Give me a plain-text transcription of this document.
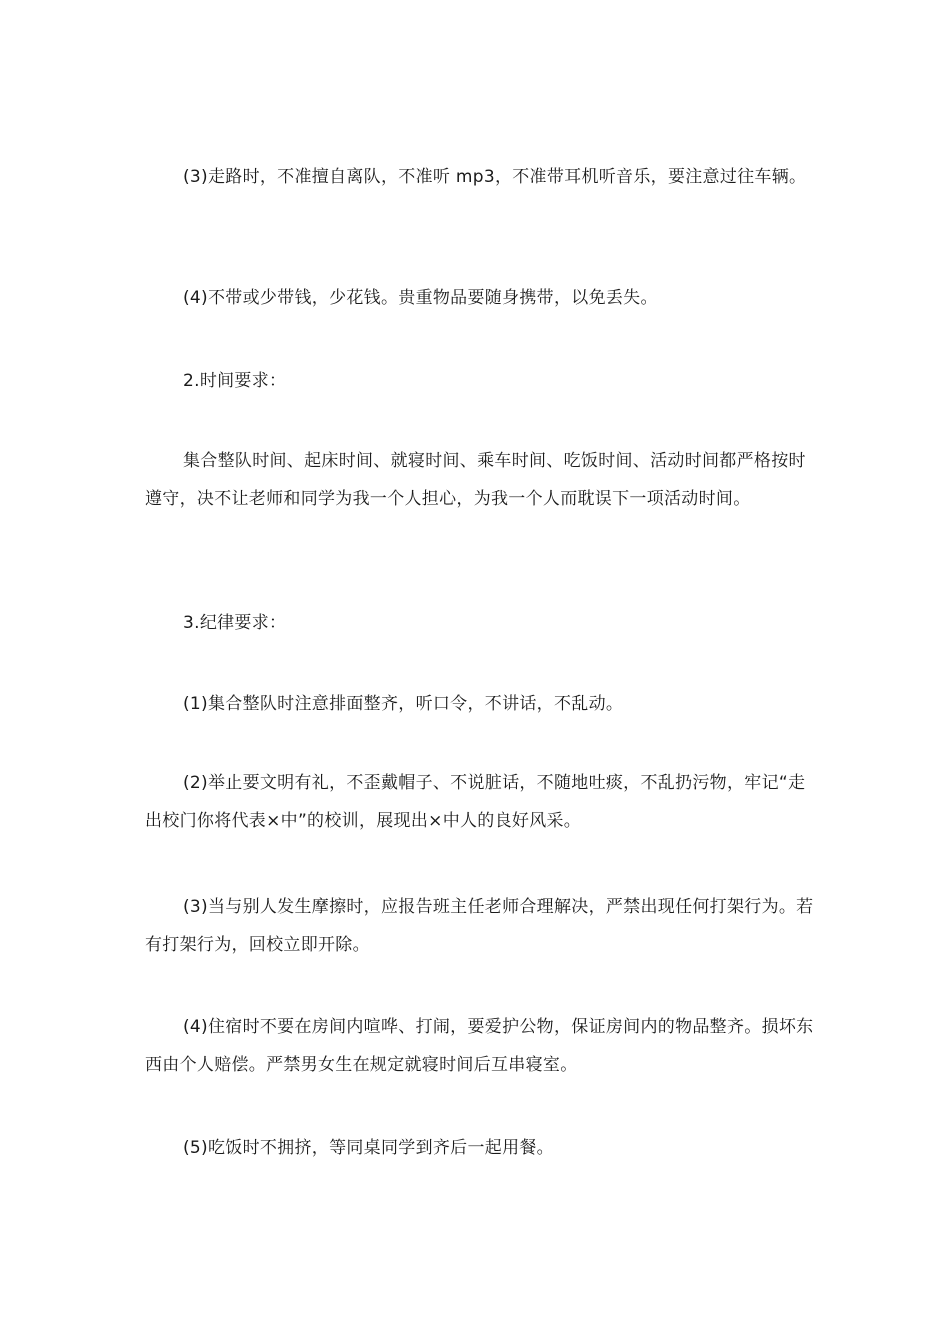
(3)走路时，不准擅自离队，不准听 mp3，不准带耳机听音乐，要注意过往车辆。

(4)不带或少带钱，少花钱。贵重物品要随身携带，以免丢失。

2.时间要求：

集合整队时间、起床时间、就寝时间、乘车时间、吃饭时间、活动时间都严格按时遵守，决不让老师和同学为我一个人担心，为我一个人而耽误下一项活动时间。

3.纪律要求：

(1)集合整队时注意排面整齐，听口令，不讲话，不乱动。

(2)举止要文明有礼，不歪戴帽子、不说脏话，不随地吐痰，不乱扔污物，牢记“走出校门你将代表×中”的校训，展现出×中人的良好风采。

(3)当与别人发生摩擦时，应报告班主任老师合理解决，严禁出现任何打架行为。若有打架行为，回校立即开除。

(4)住宿时不要在房间内喧哗、打闹，要爱护公物，保证房间内的物品整齐。损坏东西由个人赔偿。严禁男女生在规定就寝时间后互串寝室。

(5)吃饭时不拥挤，等同桌同学到齐后一起用餐。
